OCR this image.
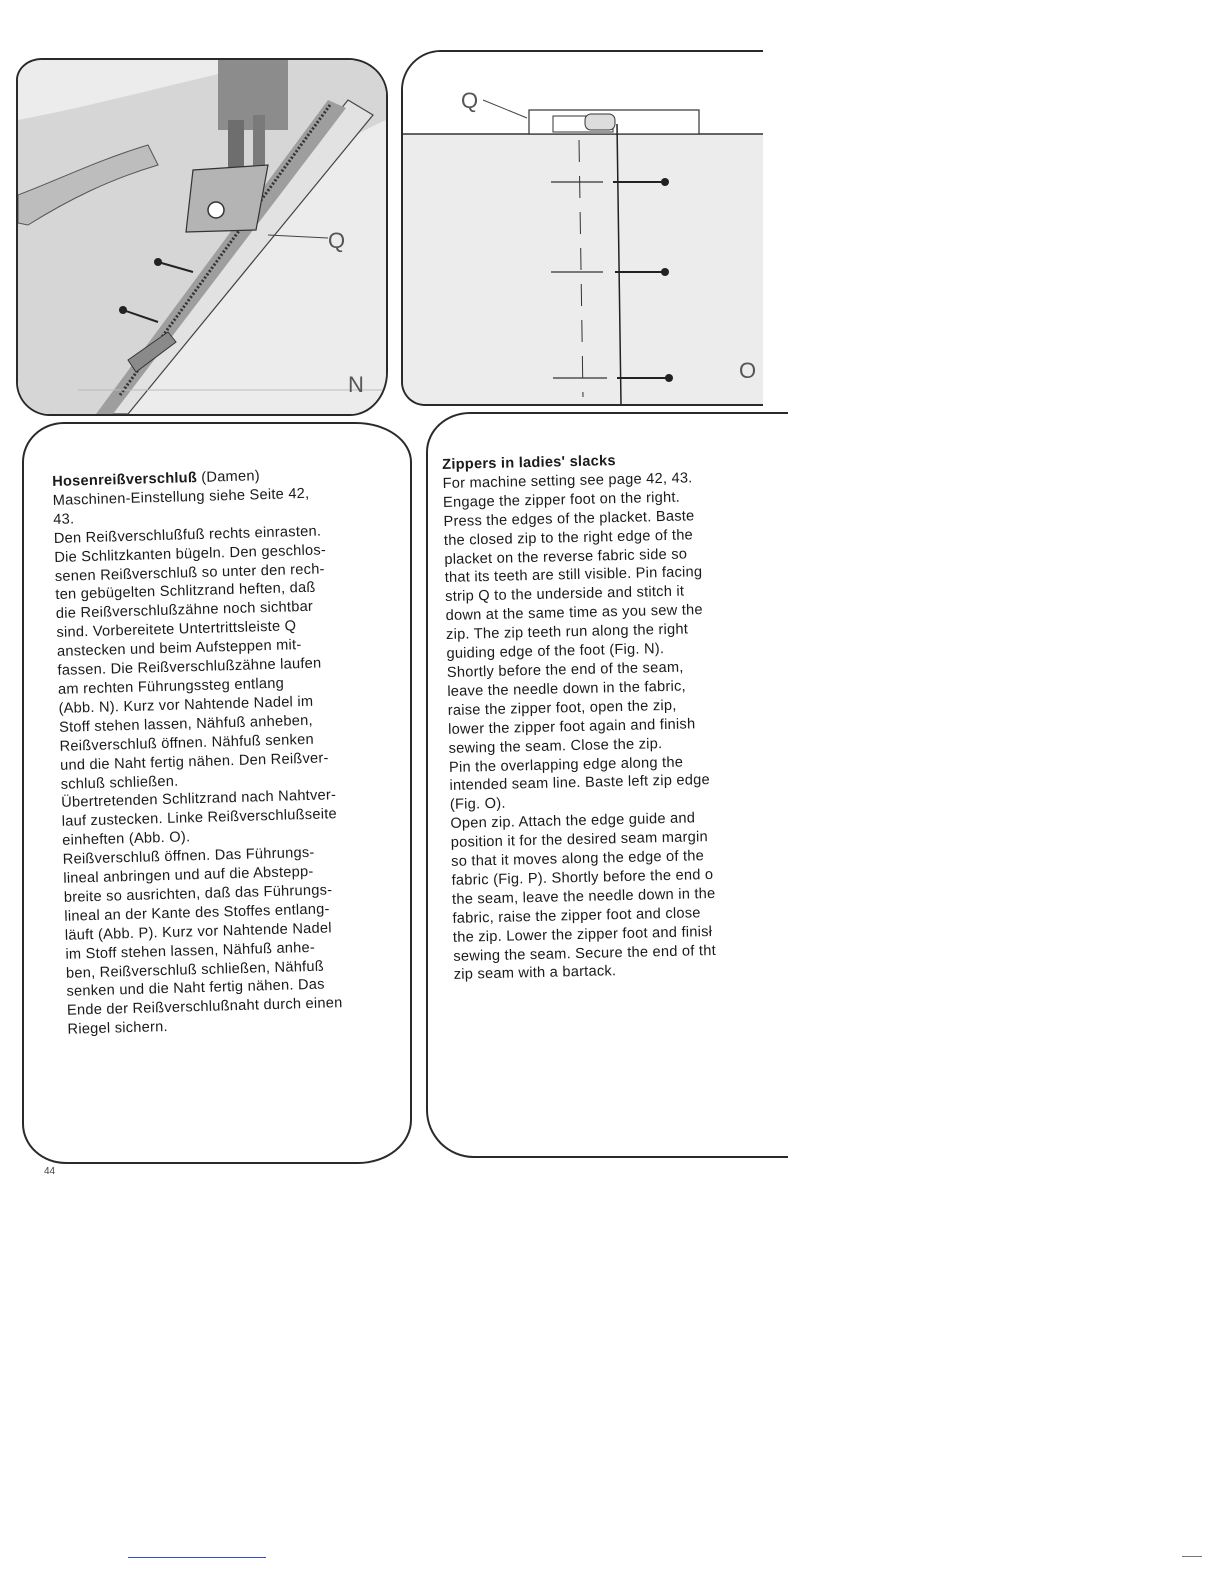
Q
N
Q
O
Hosenreißverschluß (Damen)
Maschinen-Einstellung siehe Seite 42,
43.
Den Reißverschlußfuß rechts einrasten.
Die Schlitzkanten bügeln. Den geschlos-
senen Reißverschluß so unter den rech-
ten gebügelten Schlitzrand heften, daß
die Reißverschlußzähne noch sichtbar
sind. Vorbereitete Untertrittsleiste Q
anstecken und beim Aufsteppen mit-
fassen. Die Reißverschlußzähne laufen
am rechten Führungssteg entlang
(Abb. N). Kurz vor Nahtende Nadel im
Stoff stehen lassen, Nähfuß anheben,
Reißverschluß öffnen. Nähfuß senken
und die Naht fertig nähen. Den Reißver-
schluß schließen.
Übertretenden Schlitzrand nach Nahtver-
lauf zustecken. Linke Reißverschlußseite
einheften (Abb. O).
Reißverschluß öffnen. Das Führungs-
lineal anbringen und auf die Abstepp-
breite so ausrichten, daß das Führungs-
lineal an der Kante des Stoffes entlang-
läuft (Abb. P). Kurz vor Nahtende Nadel
im Stoff stehen lassen, Nähfuß anhe-
ben, Reißverschluß schließen, Nähfuß
senken und die Naht fertig nähen. Das
Ende der Reißverschlußnaht durch einen
Riegel sichern.
Zippers in ladies' slacks
For machine setting see page 42, 43.
Engage the zipper foot on the right.
Press the edges of the placket. Baste
the closed zip to the right edge of the
placket on the reverse fabric side so
that its teeth are still visible. Pin facing
strip Q to the underside and stitch it
down at the same time as you sew the
zip. The zip teeth run along the right
guiding edge of the foot (Fig. N).
Shortly before the end of the seam,
leave the needle down in the fabric,
raise the zipper foot, open the zip,
lower the zipper foot again and finish
sewing the seam. Close the zip.
Pin the overlapping edge along the
intended seam line. Baste left zip edge
(Fig. O).
Open zip. Attach the edge guide and
position it for the desired seam margin
so that it moves along the edge of the
fabric (Fig. P). Shortly before the end o
the seam, leave the needle down in the
fabric, raise the zipper foot and close
the zip. Lower the zipper foot and finisł
sewing the seam. Secure the end of tht
zip seam with a bartack.
44
